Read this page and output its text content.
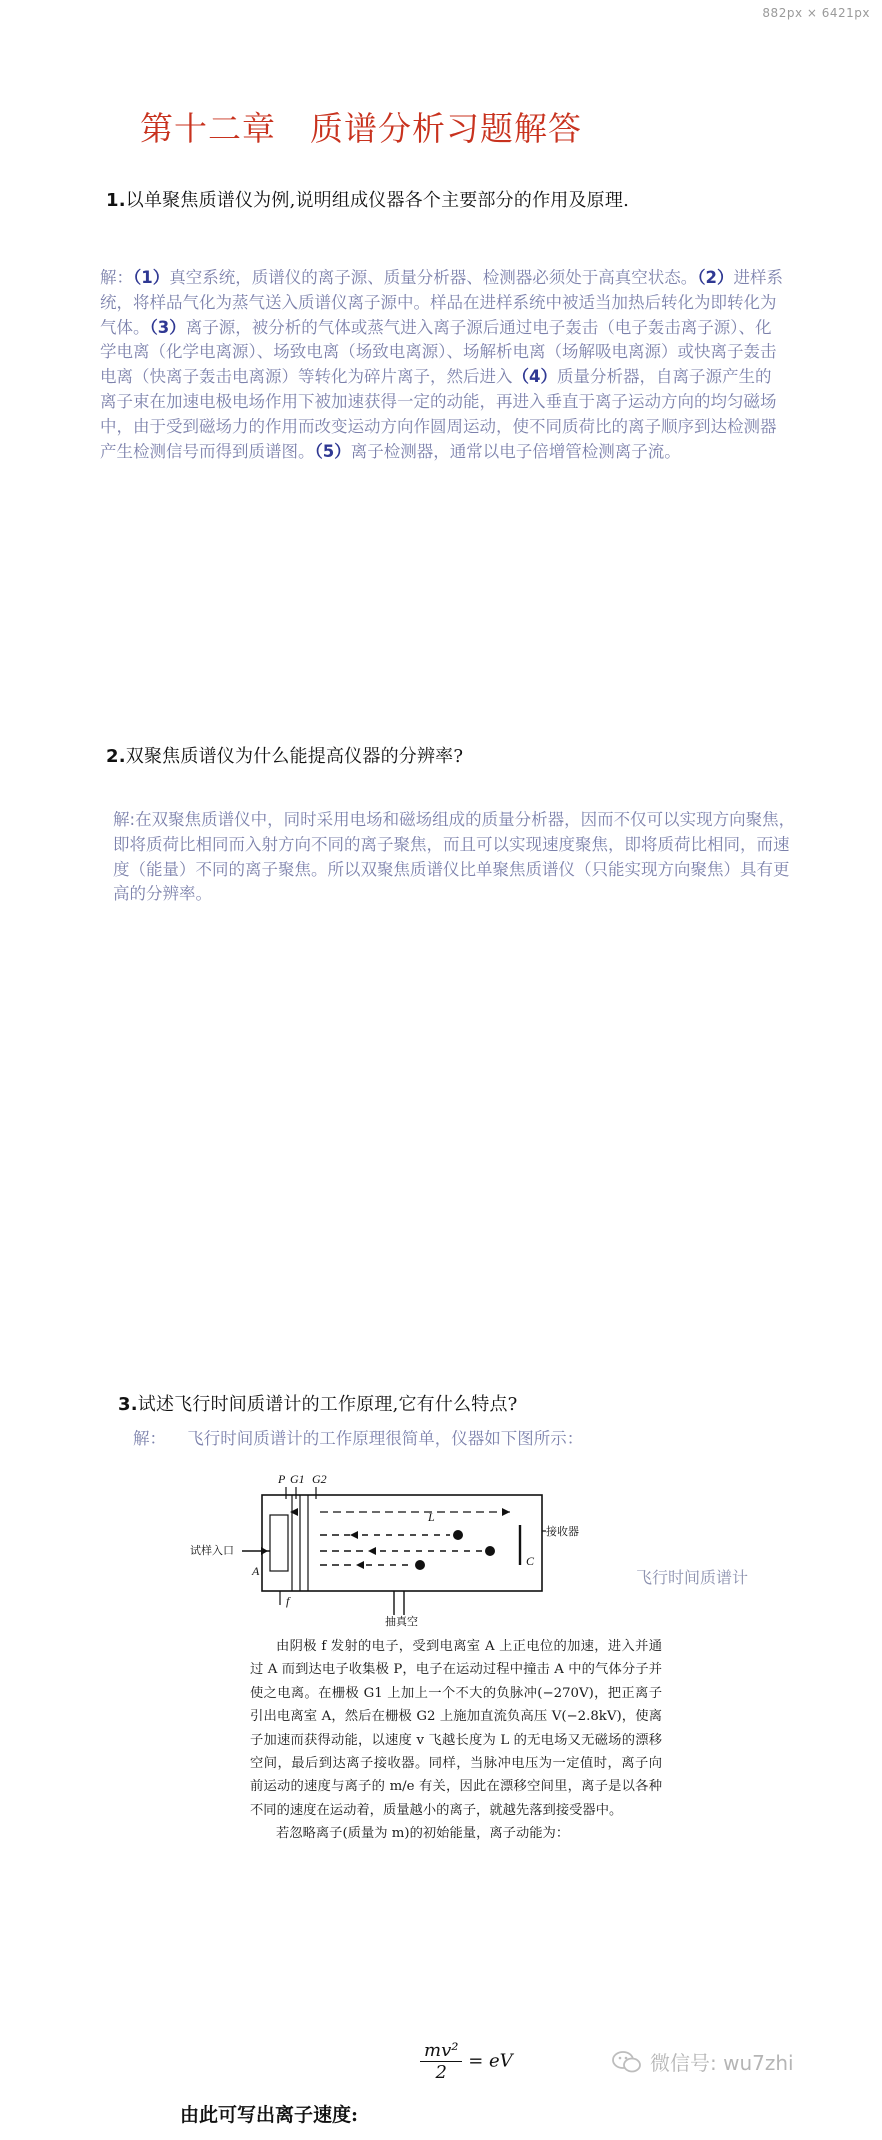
882px × 6421px
第十二章　质谱分析习题解答
1.以单聚焦质谱仪为例,说明组成仪器各个主要部分的作用及原理.
解：（1）真空系统，质谱仪的离子源、质量分析器、检测器必须处于高真空状态。（2）进样系统，将样品气化为蒸气送入质谱仪离子源中。样品在进样系统中被适当加热后转化为即转化为气体。（3）离子源，被分析的气体或蒸气进入离子源后通过电子轰击（电子轰击离子源）、化学电离（化学电离源）、场致电离（场致电离源）、场解析电离（场解吸电离源）或快离子轰击电离（快离子轰击电离源）等转化为碎片离子，然后进入（4）质量分析器，自离子源产生的离子束在加速电极电场作用下被加速获得一定的动能，再进入垂直于离子运动方向的均匀磁场中，由于受到磁场力的作用而改变运动方向作圆周运动，使不同质荷比的离子顺序到达检测器产生检测信号而得到质谱图。（5）离子检测器，通常以电子倍增管检测离子流。
2.双聚焦质谱仪为什么能提高仪器的分辨率?
解:在双聚焦质谱仪中，同时采用电场和磁场组成的质量分析器，因而不仅可以实现方向聚焦，即将质荷比相同而入射方向不同的离子聚焦，而且可以实现速度聚焦，即将质荷比相同，而速度（能量）不同的离子聚焦。所以双聚焦质谱仪比单聚焦质谱仪（只能实现方向聚焦）具有更高的分辨率。
3.试述飞行时间质谱计的工作原理,它有什么特点?
解： 飞行时间质谱计的工作原理很简单，仪器如下图所示：
P G1 G2
L
试样入口
A
f
C
接收器
抽真空
飞行时间质谱计

由阴极 f 发射的电子，受到电离室 A 上正电位的加速，进入并通过 A 而到达电子收集极 P，电子在运动过程中撞击 A 中的气体分子并使之电离。在栅极 G1 上加上一个不大的负脉冲(−270V)，把正离子引出电离室 A，然后在栅极 G2 上施加直流负高压 V(−2.8kV)，使离子加速而获得动能，以速度 v 飞越长度为 L 的无电场又无磁场的漂移空间，最后到达离子接收器。同样，当脉冲电压为一定值时，离子向前运动的速度与离子的 m/e 有关，因此在漂移空间里，离子是以各种不同的速度在运动着，质量越小的离子，就越先落到接受器中。

若忽略离子(质量为 m)的初始能量，离子动能为：

$\frac{\text{mv²}}{2}$ = eV
由此可写出离子速度:
微信号: wu7zhi
